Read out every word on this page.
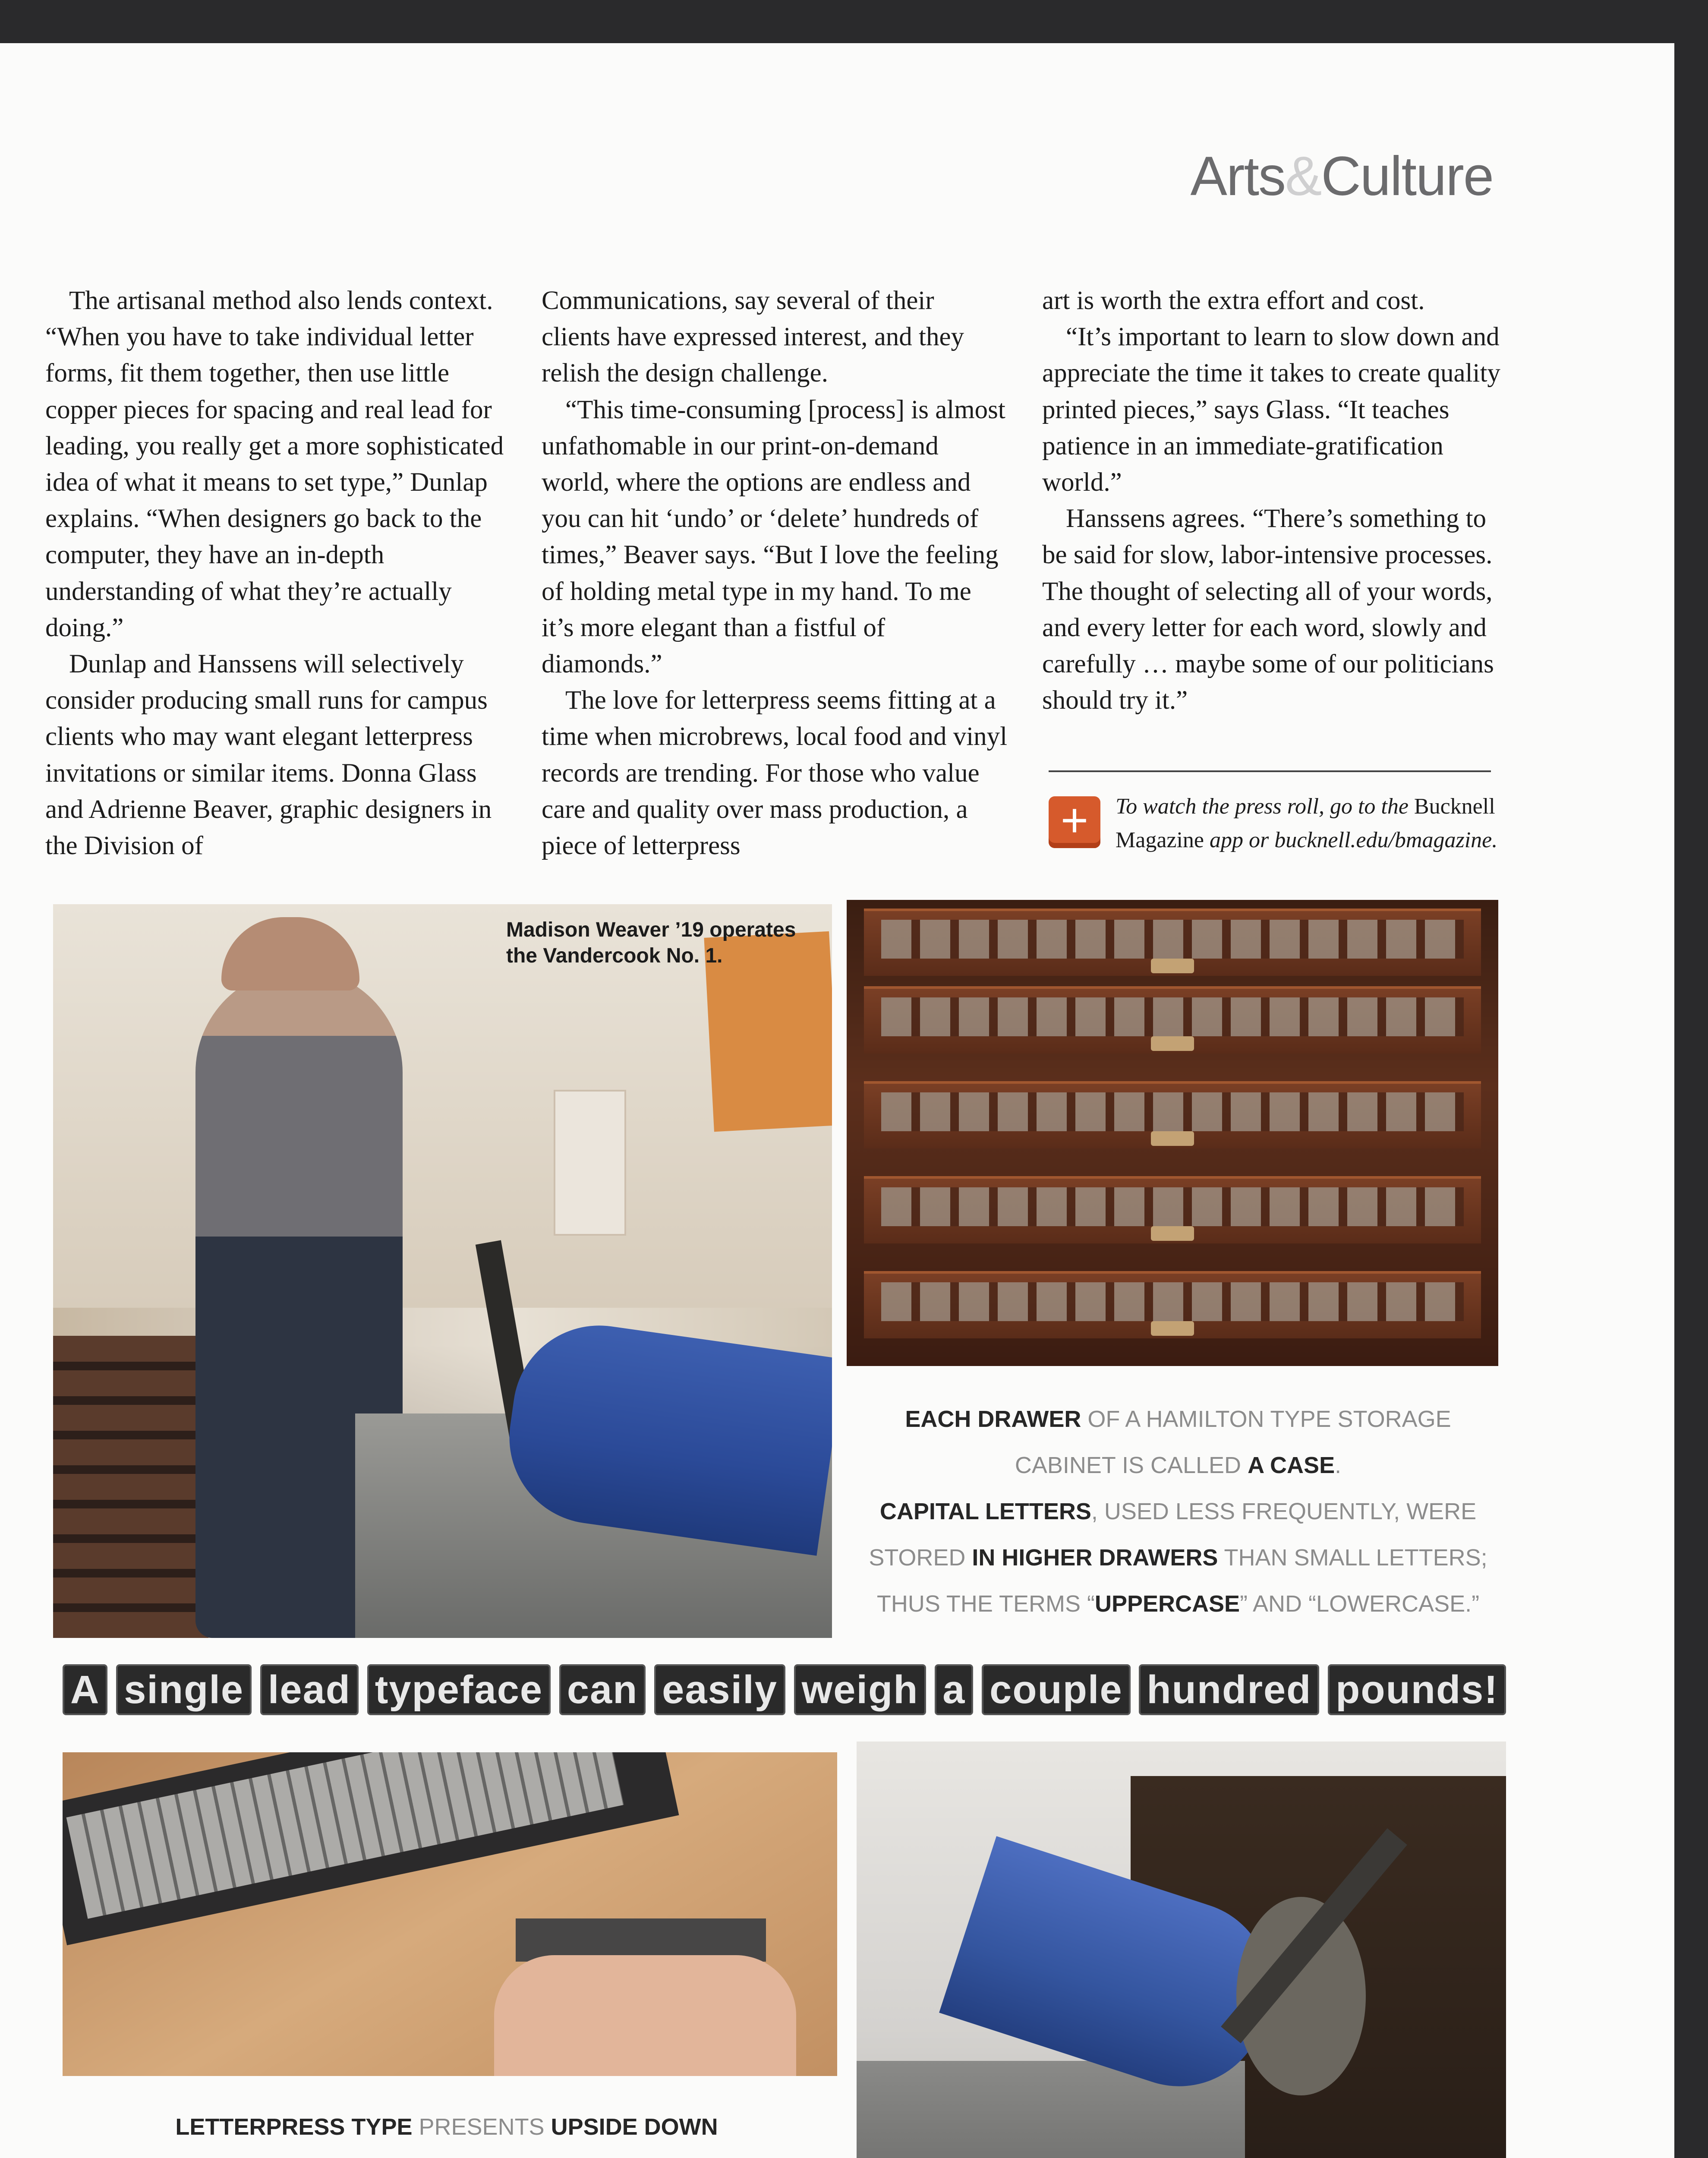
Arts&Culture

The artisanal method also lends context. “When you have to take individual letter forms, fit them together, then use little copper pieces for spacing and real lead for leading, you really get a more sophisticated idea of what it means to set type,” Dunlap explains. “When designers go back to the computer, they have an in-depth understanding of what they’re actually doing.”

Dunlap and Hanssens will selectively consider producing small runs for campus clients who may want elegant letterpress invitations or similar items. Donna Glass and Adrienne Beaver, graphic designers in the Division of

Communications, say several of their clients have expressed interest, and they relish the design challenge.

“This time-consuming [process] is almost unfathomable in our print-on-demand world, where the options are endless and you can hit ‘undo’ or ‘delete’ hundreds of times,” Beaver says. “But I love the feeling of holding metal type in my hand. To me it’s more elegant than a fistful of diamonds.”

The love for letterpress seems fitting at a time when microbrews, local food and vinyl records are trending. For those who value care and quality over mass production, a piece of letterpress

art is worth the extra effort and cost.

“It’s important to learn to slow down and appreciate the time it takes to create quality printed pieces,” says Glass. “It teaches patience in an immediate-gratification world.”

Hanssens agrees. “There’s something to be said for slow, labor-intensive processes. The thought of selecting all of your words, and every letter for each word, slowly and carefully … maybe some of our politicians should try it.”

+	To watch the press roll, go to the Bucknell Magazine app or bucknell.edu/bmagazine.
Madison Weaver ’19 operates the Vandercook No. 1.
EACH DRAWER OF A HAMILTON TYPE STORAGE CABINET IS CALLED A CASE.
CAPITAL LETTERS, USED LESS FREQUENTLY, WERE STORED IN HIGHER DRAWERS THAN SMALL LETTERS; THUS THE TERMS “UPPERCASE” AND “LOWERCASE.”
A single lead typeface can easily weigh a couple hundred pounds!
LETTERPRESS TYPE PRESENTS UPSIDE DOWN
